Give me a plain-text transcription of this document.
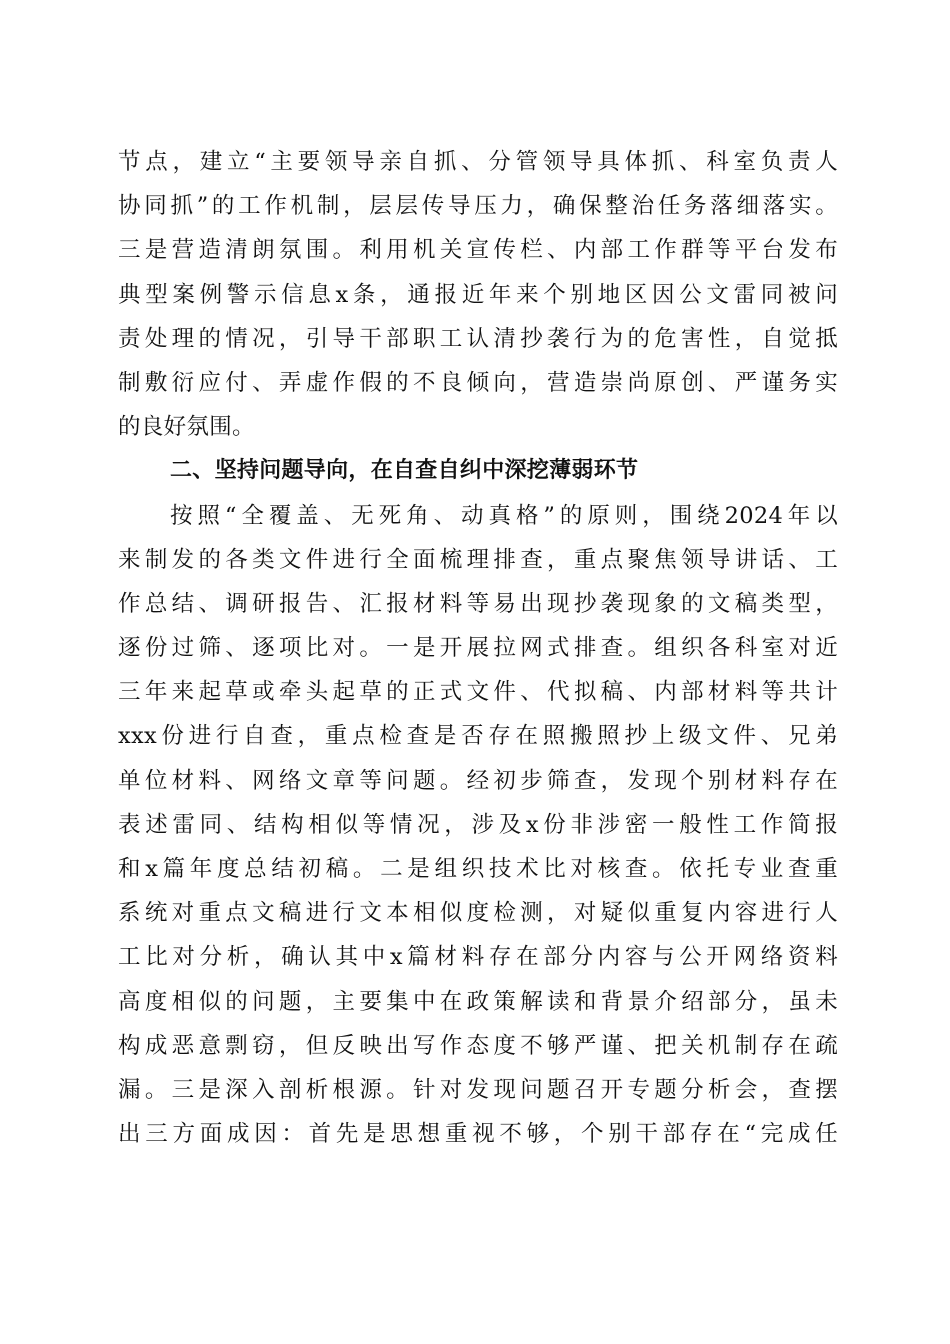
节点，建立“主要领导亲自抓、分管领导具体抓、科室负责人
协同抓”的工作机制，层层传导压力，确保整治任务落细落实。
三是营造清朗氛围。利用机关宣传栏、内部工作群等平台发布
典型案例警示信息x条，通报近年来个别地区因公文雷同被问
责处理的情况，引导干部职工认清抄袭行为的危害性，自觉抵
制敷衍应付、弄虚作假的不良倾向，营造崇尚原创、严谨务实
的良好氛围。
二、坚持问题导向，在自查自纠中深挖薄弱环节
按照“全覆盖、无死角、动真格”的原则，围绕2024年以
来制发的各类文件进行全面梳理排查，重点聚焦领导讲话、工
作总结、调研报告、汇报材料等易出现抄袭现象的文稿类型，
逐份过筛、逐项比对。一是开展拉网式排查。组织各科室对近
三年来起草或牵头起草的正式文件、代拟稿、内部材料等共计
xxx份进行自查，重点检查是否存在照搬照抄上级文件、兄弟
单位材料、网络文章等问题。经初步筛查，发现个别材料存在
表述雷同、结构相似等情况，涉及x份非涉密一般性工作简报
和x篇年度总结初稿。二是组织技术比对核查。依托专业查重
系统对重点文稿进行文本相似度检测，对疑似重复内容进行人
工比对分析，确认其中x篇材料存在部分内容与公开网络资料
高度相似的问题，主要集中在政策解读和背景介绍部分，虽未
构成恶意剽窃，但反映出写作态度不够严谨、把关机制存在疏
漏。三是深入剖析根源。针对发现问题召开专题分析会，查摆
出三方面成因：首先是思想重视不够，个别干部存在“完成任
